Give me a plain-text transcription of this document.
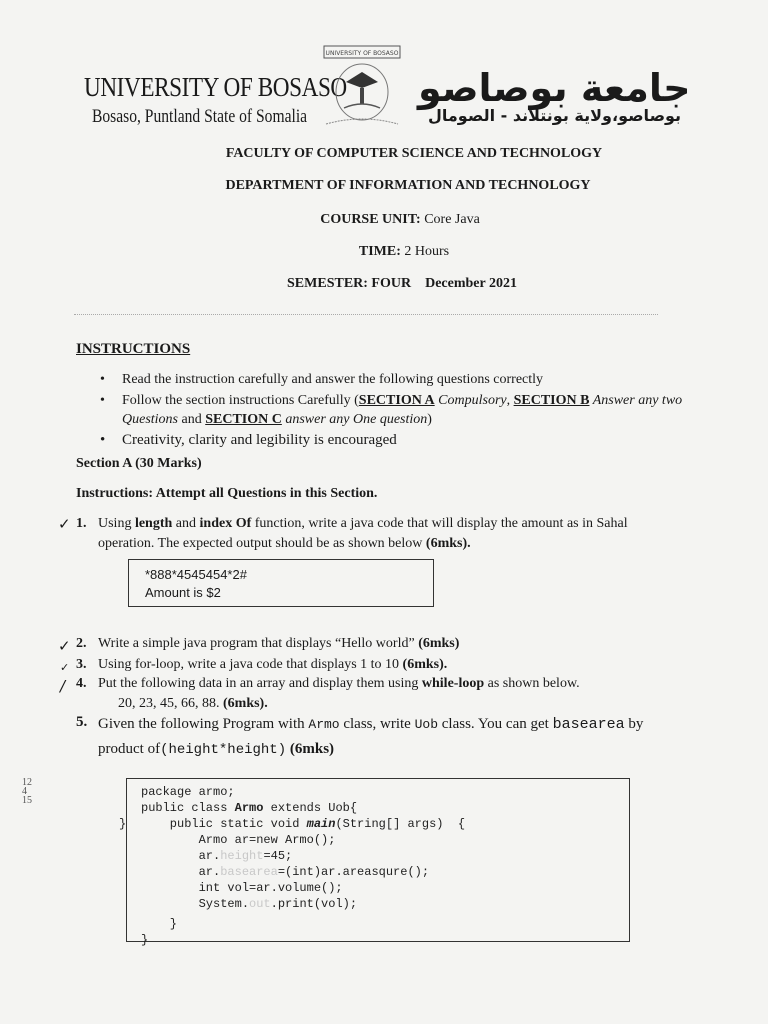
UNIVERSITY OF BOSASO
Bosaso, Puntland State of Somalia
UNIVERSITY OF BOSASO
جامعة بوصاصو
بوصاصو،ولاية بونتلاند - الصومال
FACULTY OF COMPUTER SCIENCE AND TECHNOLOGY
DEPARTMENT OF INFORMATION AND TECHNOLOGY
COURSE UNIT: Core Java
TIME: 2 Hours
SEMESTER: FOUR December 2021
INSTRUCTIONS
• Read the instruction carefully and answer the following questions correctly
• Follow the section instructions Carefully (SECTION A Compulsory, SECTION B Answer any two Questions and SECTION C answer any One question)
• Creativity, clarity and legibility is encouraged
Section A (30 Marks)
Instructions: Attempt all Questions in this Section.
✓ 1. Using length and index Of function, write a java code that will display the amount as in Sahal
operation. The expected output should be as shown below (6mks).
*888*4545454*2#
Amount is $2
✓ 2. Write a simple java program that displays “Hello world” (6mks)
✓ 3. Using for-loop, write a java code that displays 1 to 10 (6mks).
/ 4. Put the following data in an array and display them using while-loop as shown below.
20, 23, 45, 66, 88. (6mks).
5. Given the following Program with Armo class, write Uob class. You can get basearea by
product of(height*height) (6mks)
package armo;
public class Armo extends Uob{
public static void main(String[] args)  {
Armo ar=new Armo();
ar.height=45;
ar.basearea=(int)ar.areasqure();
int vol=ar.volume();
System.out.print(vol);
}
}
}
12
4
15
